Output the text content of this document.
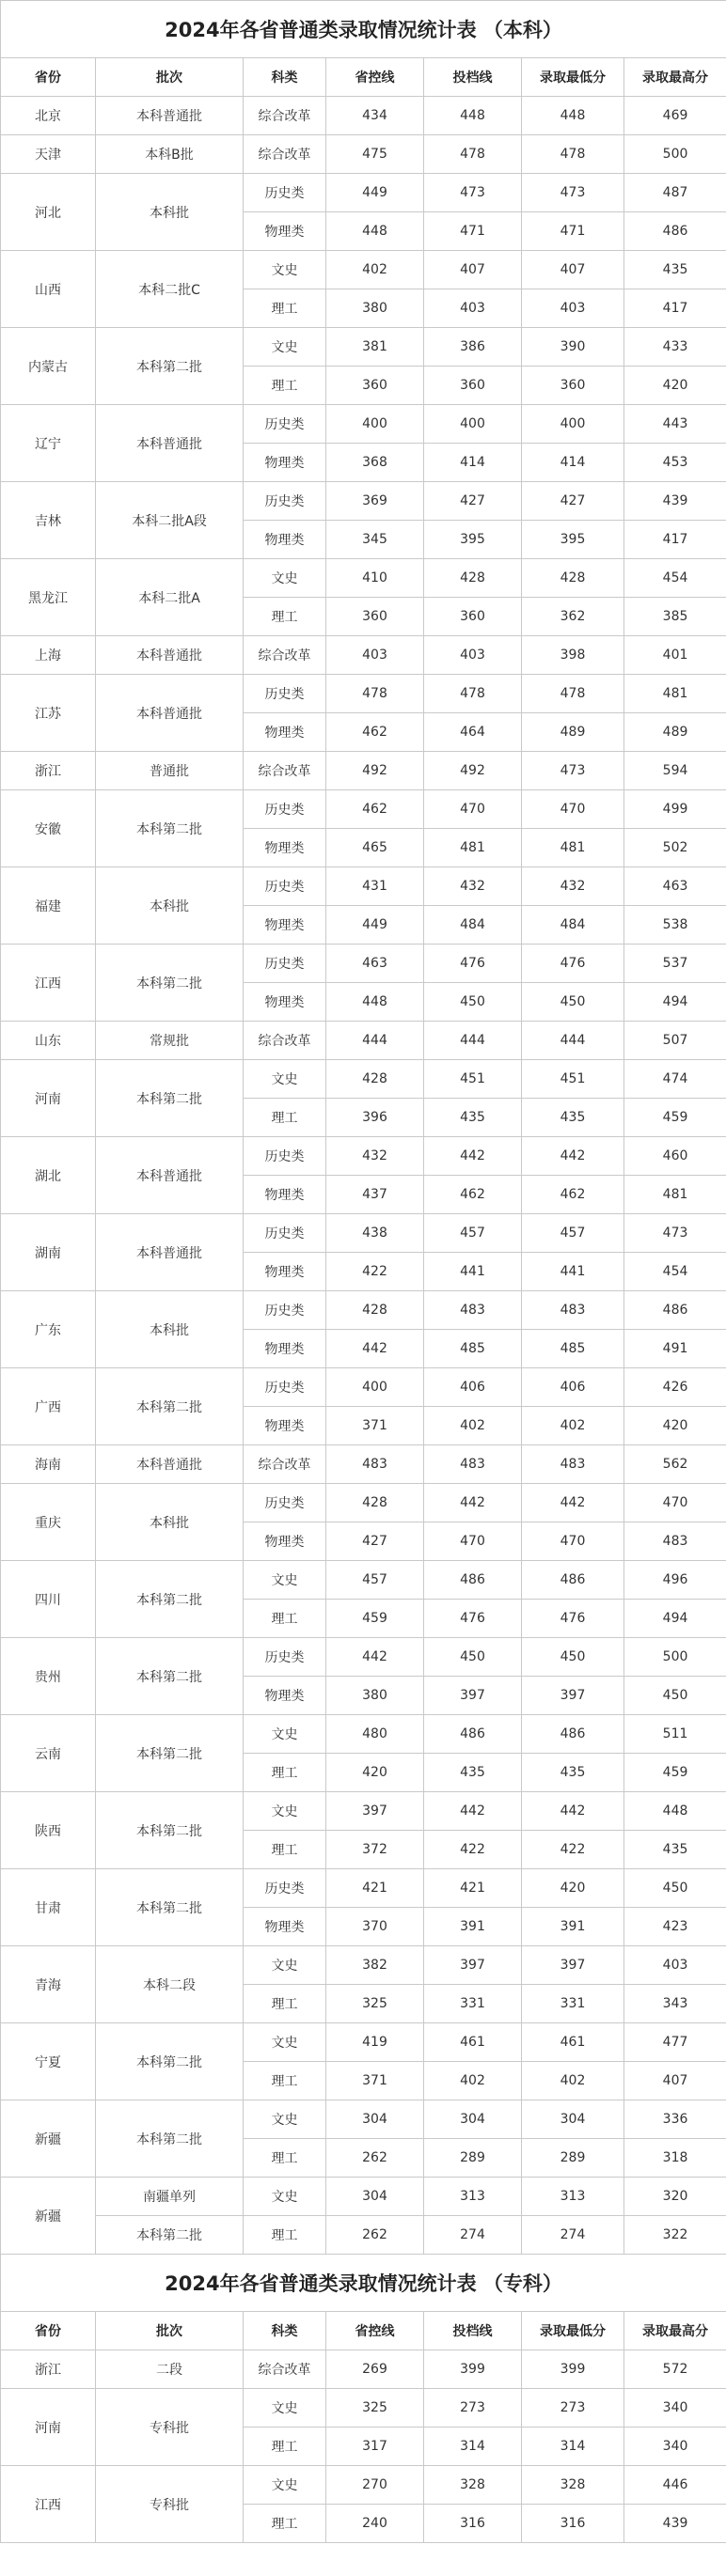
2024年各省普通类录取情况统计表 （本科）						
省份	批次	科类	省控线	投档线	录取最低分	录取最高分
北京	本科普通批	综合改革	434	448	448	469
天津	本科B批	综合改革	475	478	478	500
河北	本科批	历史类	449	473	473	487
		物理类	448	471	471	486
山西	本科二批C	文史	402	407	407	435
		理工	380	403	403	417
内蒙古	本科第二批	文史	381	386	390	433
		理工	360	360	360	420
辽宁	本科普通批	历史类	400	400	400	443
		物理类	368	414	414	453
吉林	本科二批A段	历史类	369	427	427	439
		物理类	345	395	395	417
黑龙江	本科二批A	文史	410	428	428	454
		理工	360	360	362	385
上海	本科普通批	综合改革	403	403	398	401
江苏	本科普通批	历史类	478	478	478	481
		物理类	462	464	489	489
浙江	普通批	综合改革	492	492	473	594
安徽	本科第二批	历史类	462	470	470	499
		物理类	465	481	481	502
福建	本科批	历史类	431	432	432	463
		物理类	449	484	484	538
江西	本科第二批	历史类	463	476	476	537
		物理类	448	450	450	494
山东	常规批	综合改革	444	444	444	507
河南	本科第二批	文史	428	451	451	474
		理工	396	435	435	459
湖北	本科普通批	历史类	432	442	442	460
		物理类	437	462	462	481
湖南	本科普通批	历史类	438	457	457	473
		物理类	422	441	441	454
广东	本科批	历史类	428	483	483	486
		物理类	442	485	485	491
广西	本科第二批	历史类	400	406	406	426
		物理类	371	402	402	420
海南	本科普通批	综合改革	483	483	483	562
重庆	本科批	历史类	428	442	442	470
		物理类	427	470	470	483
四川	本科第二批	文史	457	486	486	496
		理工	459	476	476	494
贵州	本科第二批	历史类	442	450	450	500
		物理类	380	397	397	450
云南	本科第二批	文史	480	486	486	511
		理工	420	435	435	459
陕西	本科第二批	文史	397	442	442	448
		理工	372	422	422	435
甘肃	本科第二批	历史类	421	421	420	450
		物理类	370	391	391	423
青海	本科二段	文史	382	397	397	403
		理工	325	331	331	343
宁夏	本科第二批	文史	419	461	461	477
		理工	371	402	402	407
新疆	本科第二批	文史	304	304	304	336
		理工	262	289	289	318
新疆	南疆单列	文史	304	313	313	320
	本科第二批	理工	262	274	274	322
2024年各省普通类录取情况统计表 （专科）						
省份	批次	科类	省控线	投档线	录取最低分	录取最高分
浙江	二段	综合改革	269	399	399	572
河南	专科批	文史	325	273	273	340
		理工	317	314	314	340
江西	专科批	文史	270	328	328	446
		理工	240	316	316	439
